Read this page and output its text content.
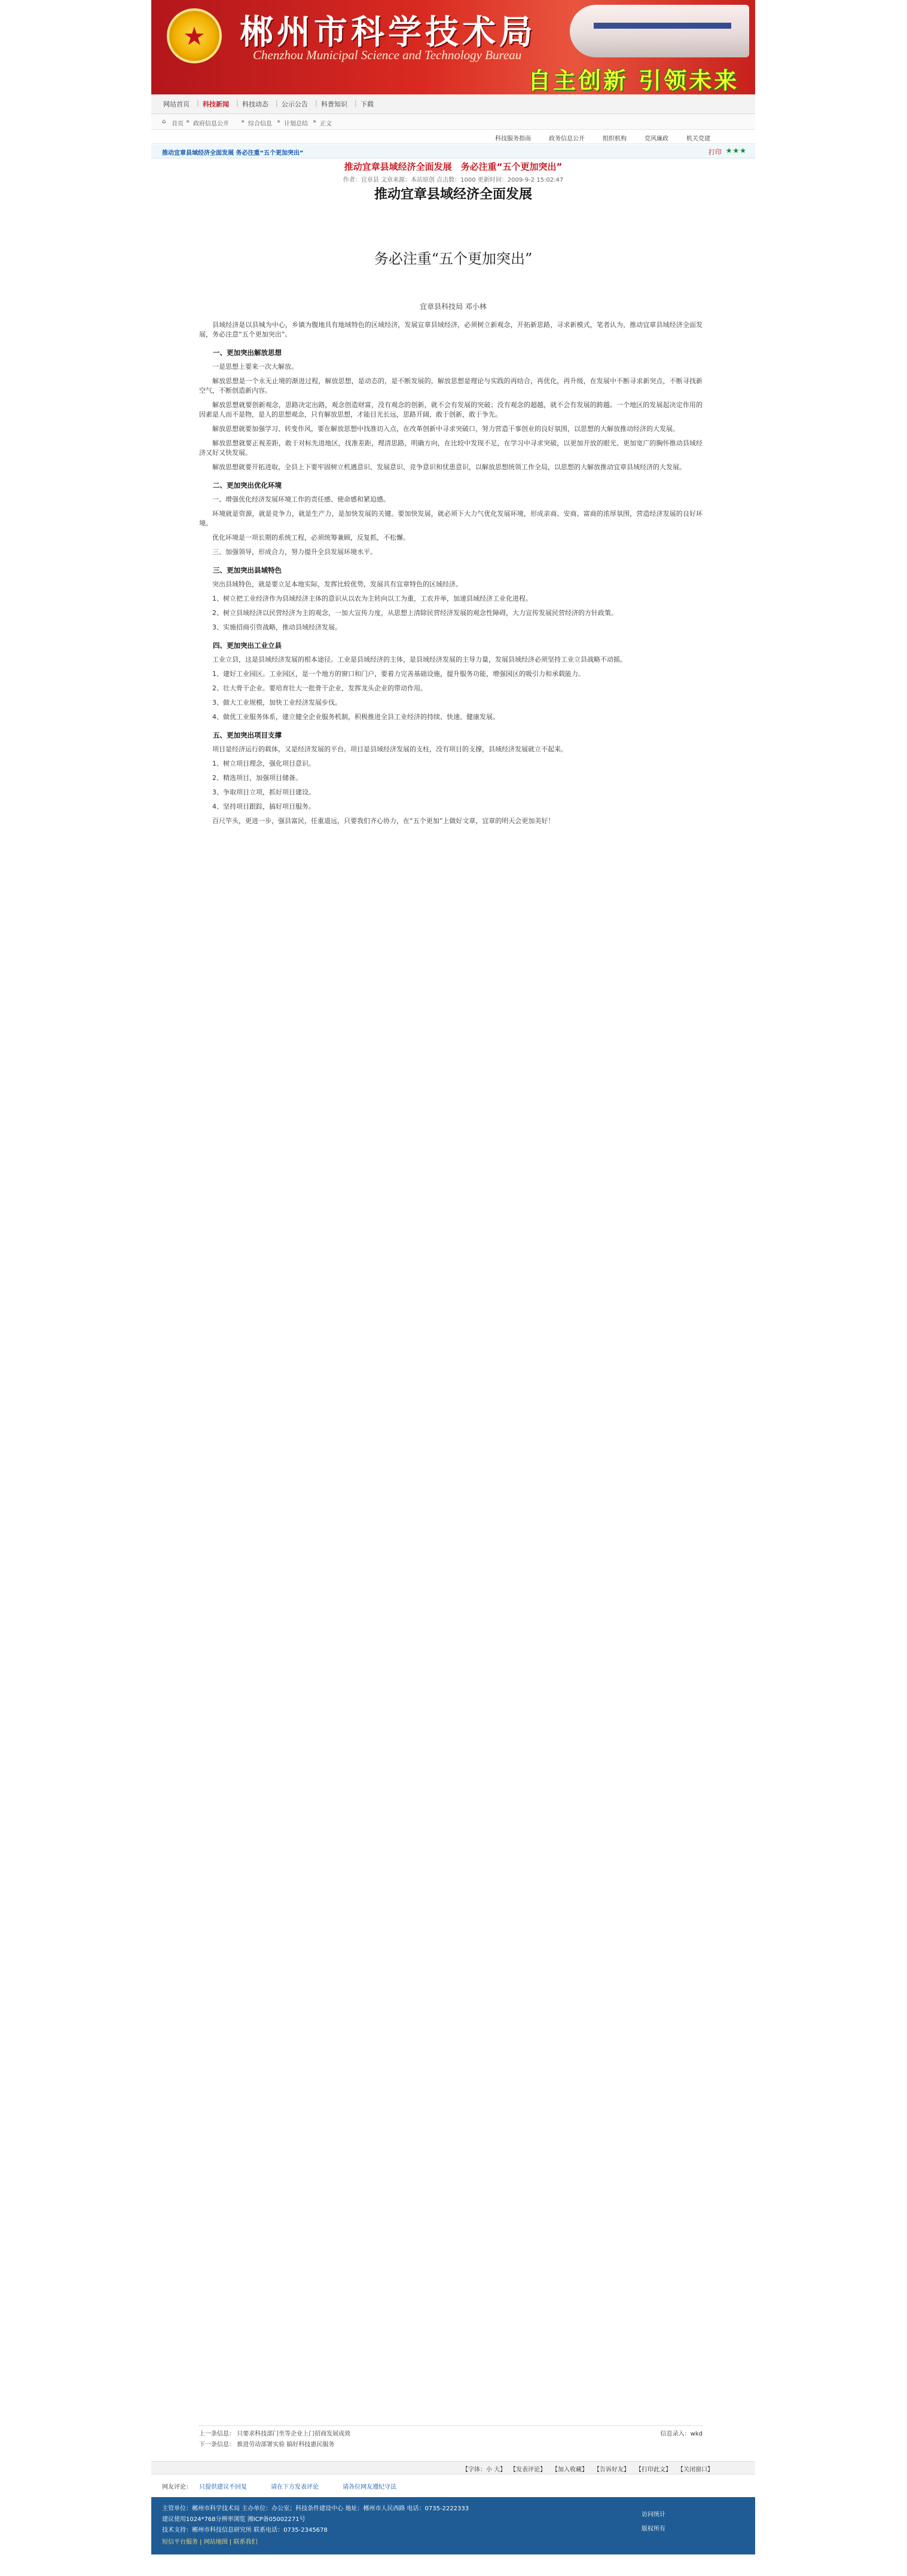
★
郴州市科学技术局
Chenzhou Municipal Science and Technology Bureau
自主创新 引领未来
网站首页 | 科技新闻 | 科技动态 | 公示公告 | 科普知识 | 下载
⌂ 首页 » 政府信息公开 » 综合信息 » 计划总结 » 正文
科技服务指南	政务信息公开	组织机构	党风廉政	机关党建
推动宜章县域经济全面发展 务必注重“五个更加突出”	打印 ★★★
推动宜章县域经济全面发展　务必注重“五个更加突出”
作者：宜章县 文章来源：本站原创 点击数：1000 更新时间：2009-9-2 15:02:47
推动宜章县域经济全面发展
务必注重“五个更加突出”
宜章县科技局 邓小林

县域经济是以县城为中心，乡镇为腹地具有地域特色的区域经济，发展宣章县域经济，必须树立新观念，开拓新思路，寻求新模式，笔者认为，推动宜章县域经济全面发展，务必注意“五个更加突出”。

一、更加突出解放思想

一是思想上要来一次大解放。

解放思想是一个永无止境的渐进过程，解放思想，是动态的，是不断发展的，解放思想是理论与实践的再结合，再优化，再升级，在发展中不断寻求新突点，不断寻找新空气，不断创造新内容。

解放思想就要创新观念，思路决定出路，观念创造财富，没有观念的创新，就不会有发展的突破；没有观念的超越，就不会有发展的跨越。一个地区的发展起决定作用的因素是人而不是物，是人的思想观念，只有解放思想，才能目光长远，思路开阔，敢于创新，敢于争先。

解放思想就要加强学习、转变作风，要在解放思想中找准切入点，在改革创新中寻求突破口，努力营造干事创业的良好氛围，以思想的大解放推动经济的大发展。

解放思想就要正视差距，敢于对标先进地区，找准差距，理清思路，明确方向，在比较中发现不足，在学习中寻求突破，以更加开放的眼光、更加宽广的胸怀推动县域经济又好又快发展。

解放思想就要开拓进取，全县上下要牢固树立机遇意识、发展意识、竞争意识和忧患意识，以解放思想统领工作全局，以思想的大解放推动宜章县域经济的大发展。

二、更加突出优化环境

一、增强优化经济发展环境工作的责任感、使命感和紧迫感。

环境就是资源，就是竞争力，就是生产力，是加快发展的关键。要加快发展，就必须下大力气优化发展环境，形成亲商、安商、富商的浓厚氛围，营造经济发展的良好环境。

优化环境是一项长期的系统工程，必须统筹兼顾，反复抓，不松懈。

三、加强领导，形成合力，努力提升全县发展环境水平。

三、更加突出县域特色

突出县域特色，就是要立足本地实际，发挥比较优势，发展具有宜章特色的区域经济。

1、树立把工业经济作为县域经济主体的意识从以农为主转向以工为重，工农并举，加速县域经济工业化进程。

2、树立县域经济以民营经济为主的观念，一加大宣传力度，从思想上清除民营经济发展的观念性障碍，大力宣传发展民营经济的方针政策。

3、实施招商引资战略，推动县域经济发展。

四、更加突出工业立县

工业立县，这是县域经济发展的根本途径。工业是县域经济的主体，是县域经济发展的主导力量，发展县域经济必须坚持工业立县战略不动摇。

1、建好工业园区。工业园区，是一个地方的窗口和门户，要着力完善基础设施，提升服务功能，增强园区的吸引力和承载能力。

2、壮大骨干企业。要培育壮大一批骨干企业，发挥龙头企业的带动作用。

3、做大工业规模，加快工业经济发展步伐。

4、做优工业服务体系，建立健全企业服务机制，积极推进全县工业经济的持续、快速、健康发展。

五、更加突出项目支撑

项目是经济运行的载体，又是经济发展的平台。项目是县域经济发展的支柱，没有项目的支撑，县域经济发展就立不起来。

1、树立项目理念，强化项目意识。

2、精选项目，加强项目储备。

3、争取项目立项，抓好项目建设。

4、坚持项目跟踪，搞好项目服务。

百尺竿头，更进一步，强县富民，任重道远，只要我们齐心协力，在“五个更加”上做好文章，宜章的明天会更加美好！

上一条信息： 只要求科技部门坐等企业上门招商发展成效
下一条信息： 推进劳动部署实验 搞好科技惠民服务
信息录入：wkd
【字体：小 大】 【发表评论】 【加入收藏】 【告诉好友】 【打印此文】 【关闭窗口】
网友评论： 只提供建议不回复	请在下方发表评论	请各位网友遵纪守法
主管单位：郴州市科学技术局 主办单位：办公室；科技条件建设中心 地址：郴州市人民西路 电话：0735-2222333
建议使用1024*768分辨率浏览 湘ICP备05002271号
技术支持：郴州市科技信息研究所 联系电话：0735-2345678
短信平台服务 | 网站地图 | 联系我们
访问统计
版权所有
